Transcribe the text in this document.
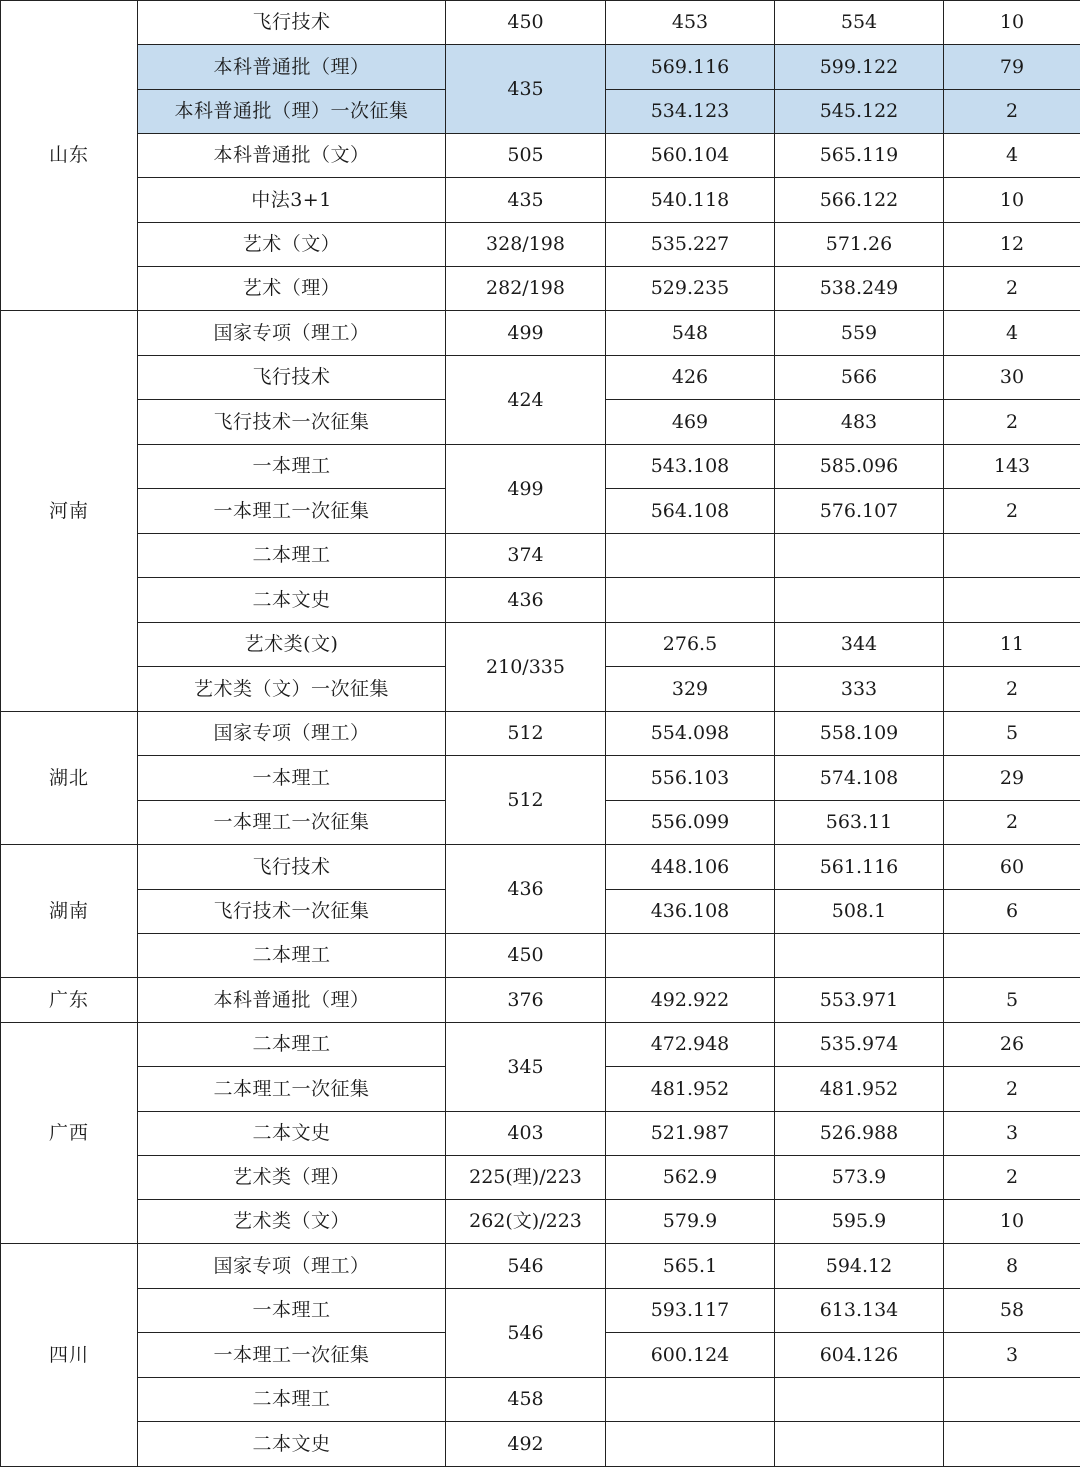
山东	飞行技术	450	453	554	10
	本科普通批（理）	435	569.116	599.122	79
	本科普通批（理）一次征集		534.123	545.122	2
	本科普通批（文）	505	560.104	565.119	4
	中法3+1	435	540.118	566.122	10
	艺术（文）	328/198	535.227	571.26	12
	艺术（理）	282/198	529.235	538.249	2
河南	国家专项（理工）	499	548	559	4
	飞行技术	424	426	566	30
	飞行技术一次征集		469	483	2
	一本理工	499	543.108	585.096	143
	一本理工一次征集		564.108	576.107	2
	二本理工	374			
	二本文史	436			
	艺术类(文)	210/335	276.5	344	11
	艺术类（文）一次征集		329	333	2
湖北	国家专项（理工）	512	554.098	558.109	5
	一本理工	512	556.103	574.108	29
	一本理工一次征集		556.099	563.11	2
湖南	飞行技术	436	448.106	561.116	60
	飞行技术一次征集		436.108	508.1	6
	二本理工	450			
广东	本科普通批（理）	376	492.922	553.971	5
广西	二本理工	345	472.948	535.974	26
	二本理工一次征集		481.952	481.952	2
	二本文史	403	521.987	526.988	3
	艺术类（理）	225(理)/223	562.9	573.9	2
	艺术类（文）	262(文)/223	579.9	595.9	10
四川	国家专项（理工）	546	565.1	594.12	8
	一本理工	546	593.117	613.134	58
	一本理工一次征集		600.124	604.126	3
	二本理工	458			
	二本文史	492			
